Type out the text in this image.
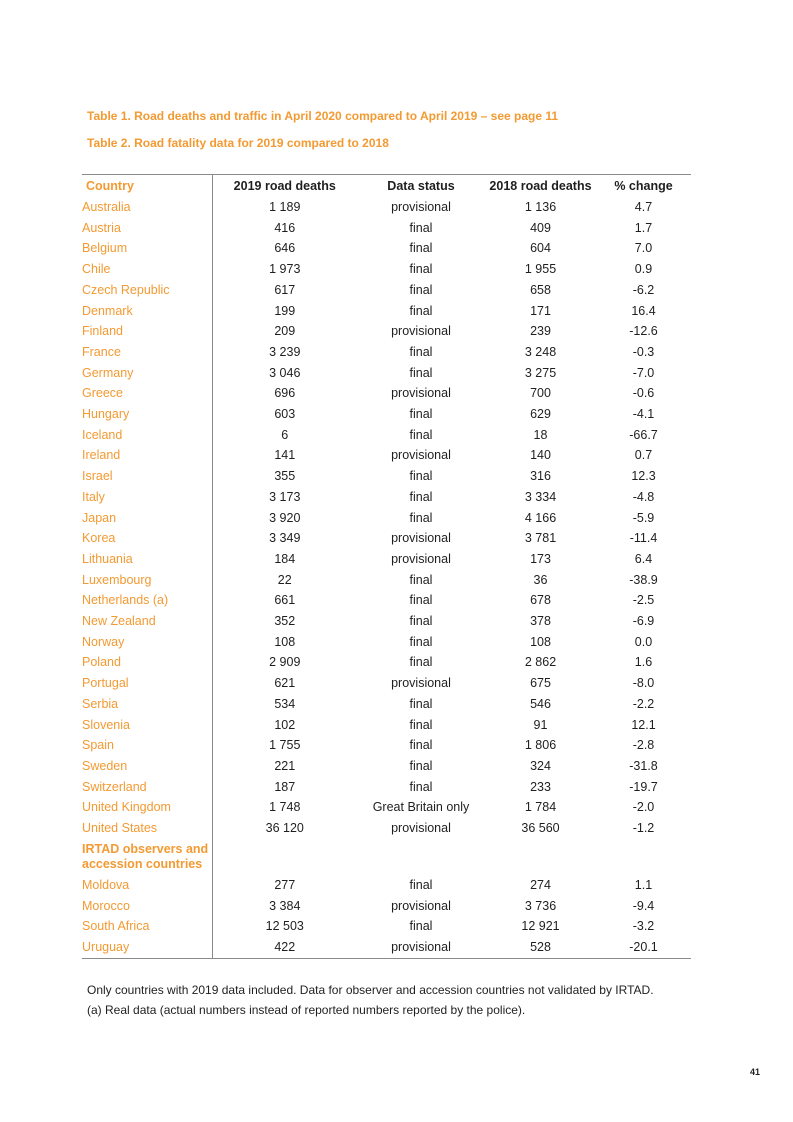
Table 1. Road deaths and traffic in April 2020 compared to April 2019 – see page 11
Table 2. Road fatality data for 2019 compared to 2018
Country	2019 road deaths	Data status	2018 road deaths	% change
Australia	1 189	provisional	1 136	4.7
Austria	416	final	409	1.7
Belgium	646	final	604	7.0
Chile	1 973	final	1 955	0.9
Czech Republic	617	final	658	-6.2
Denmark	199	final	171	16.4
Finland	209	provisional	239	-12.6
France	3 239	final	3 248	-0.3
Germany	3 046	final	3 275	-7.0
Greece	696	provisional	700	-0.6
Hungary	603	final	629	-4.1
Iceland	6	final	18	-66.7
Ireland	141	provisional	140	0.7
Israel	355	final	316	12.3
Italy	3 173	final	3 334	-4.8
Japan	3 920	final	4 166	-5.9
Korea	3 349	provisional	3 781	-11.4
Lithuania	184	provisional	173	6.4
Luxembourg	22	final	36	-38.9
Netherlands (a)	661	final	678	-2.5
New Zealand	352	final	378	-6.9
Norway	108	final	108	0.0
Poland	2 909	final	2 862	1.6
Portugal	621	provisional	675	-8.0
Serbia	534	final	546	-2.2
Slovenia	102	final	91	12.1
Spain	1 755	final	1 806	-2.8
Sweden	221	final	324	-31.8
Switzerland	187	final	233	-19.7
United Kingdom	1 748	Great Britain only	1 784	-2.0
United States	36 120	provisional	36 560	-1.2
IRTAD observers and accession countries				
Moldova	277	final	274	1.1
Morocco	3 384	provisional	3 736	-9.4
South Africa	12 503	final	12 921	-3.2
Uruguay	422	provisional	528	-20.1
Only countries with 2019 data included. Data for observer and accession countries not validated by IRTAD.
(a) Real data (actual numbers instead of reported numbers reported by the police).
41
